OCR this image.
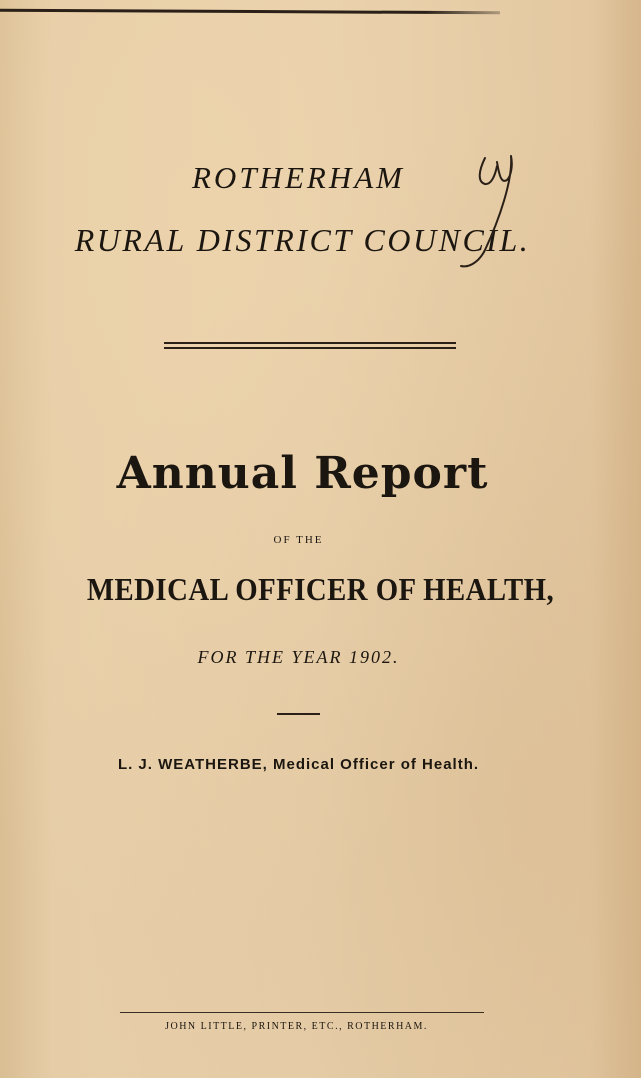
ROTHERHAM
RURAL DISTRICT COUNCIL.
Annual Report
OF THE
MEDICAL OFFICER OF HEALTH,
FOR THE YEAR 1902.
L. J. WEATHERBE, Medical Officer of Health.
JOHN LITTLE, PRINTER, ETC., ROTHERHAM.
